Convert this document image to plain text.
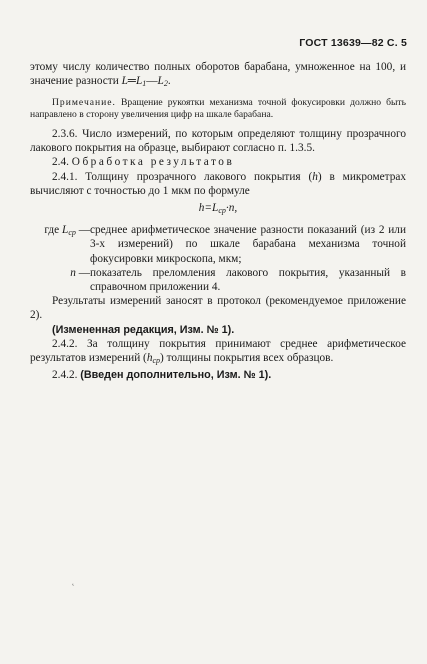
ГОСТ 13639—82 С. 5

этому числу количество полных оборотов барабана, умноженное на 100, и значение разности $L═L_1—L_2$.

Примечание. Вращение рукоятки механизма точной фокусировки должно быть направлено в сторону увеличения цифр на шкале барабана.

2.3.6. Число измерений, по которым определяют толщину прозрачного лакового покрытия на образце, выбирают согласно п. 1.3.5.

2.4. Обработка результатов

2.4.1. Толщину прозрачного лакового покрытия (h) в микрометрах вычисляют с точностью до 1 мкм по формуле

$h=L_{ср}\cdot n$,

где $L_{ср}$ — среднее арифметическое значение разности показаний (из 2 или 3-х измерений) по шкале барабана механизма точной фокусировки микроскопа, мкм;
n — показатель преломления лакового покрытия, указанный в справочном приложении 4.

Результаты измерений заносят в протокол (рекомендуемое приложение 2).

(Измененная редакция, Изм. № 1).

2.4.2. За толщину покрытия принимают среднее арифметическое результатов измерений $(h_{ср})$ толщины покрытия всех образцов.

2.4.2. (Введен дополнительно, Изм. № 1).

˛
